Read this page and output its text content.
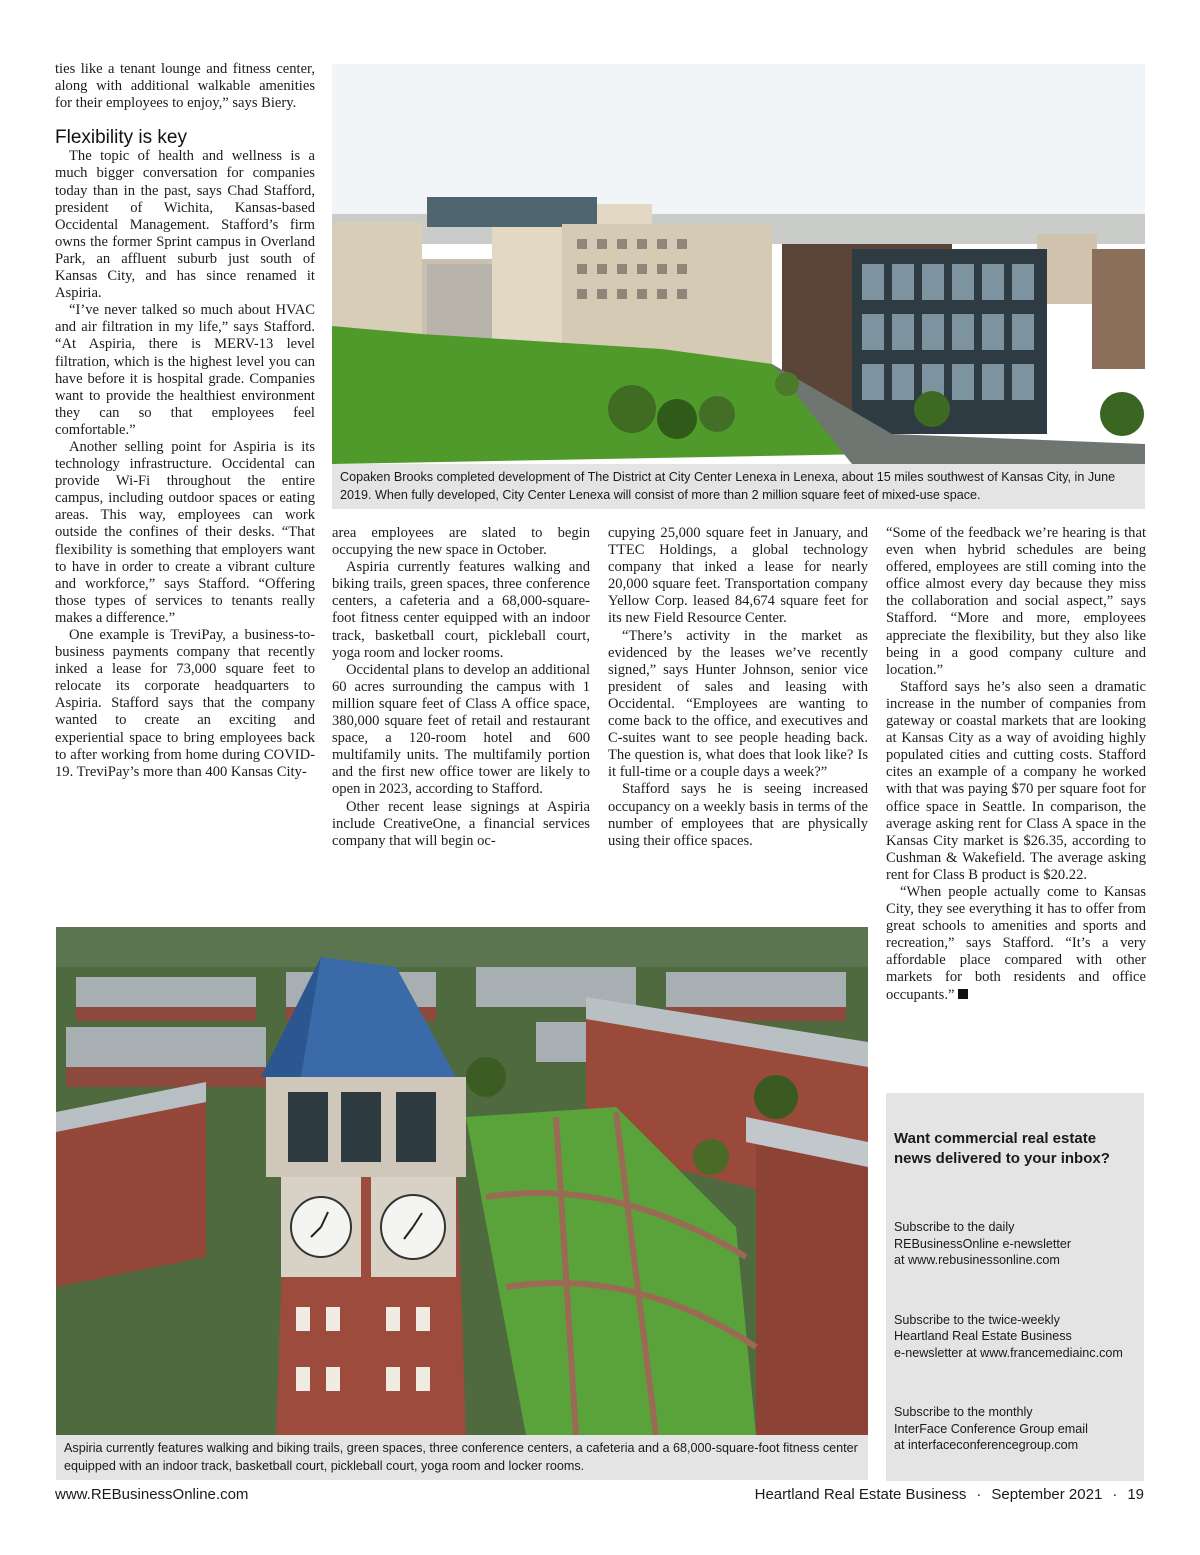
ties like a tenant lounge and fitness center, along with additional walkable amenities for their employees to enjoy,” says Biery.

Flexibility is key

The topic of health and wellness is a much bigger conversation for companies today than in the past, says Chad Stafford, president of Wichita, Kansas-based Occidental Management. Stafford’s firm owns the former Sprint campus in Overland Park, an affluent suburb just south of Kansas City, and has since renamed it Aspiria.

“I’ve never talked so much about HVAC and air filtration in my life,” says Stafford. “At Aspiria, there is MERV-13 level filtration, which is the highest level you can have before it is hospital grade. Companies want to provide the healthiest environment they can so that employees feel comfortable.”

Another selling point for Aspiria is its technology infrastructure. Occidental can provide Wi-Fi throughout the entire campus, including outdoor spaces or eating areas. This way, employees can work outside the confines of their desks. “That flexibility is something that employers want to have in order to create a vibrant culture and workforce,” says Stafford. “Offering those types of services to tenants really makes a difference.”

One example is TreviPay, a business-to-business payments company that recently inked a lease for 73,000 square feet to relocate its corporate headquarters to Aspiria. Stafford says that the company wanted to create an exciting and experiential space to bring employees back to after working from home during COVID-19. TreviPay’s more than 400 Kansas City-

Copaken Brooks completed development of The District at City Center Lenexa in Lenexa, about 15 miles southwest of Kansas City, in June 2019. When fully developed, City Center Lenexa will consist of more than 2 million square feet of mixed-use space.

area employees are slated to begin occupying the new space in October.

Aspiria currently features walking and biking trails, green spaces, three conference centers, a cafeteria and a 68,000-square-foot fitness center equipped with an indoor track, basketball court, pickleball court, yoga room and locker rooms.

Occidental plans to develop an additional 60 acres surrounding the campus with 1 million square feet of Class A office space, 380,000 square feet of retail and restaurant space, a 120-room hotel and 600 multifamily units. The multifamily portion and the first new office tower are likely to open in 2023, according to Stafford.

Other recent lease signings at Aspiria include CreativeOne, a financial services company that will begin oc-

cupying 25,000 square feet in January, and TTEC Holdings, a global technology company that inked a lease for nearly 20,000 square feet. Transportation company Yellow Corp. leased 84,674 square feet for its new Field Resource Center.

“There’s activity in the market as evidenced by the leases we’ve recently signed,” says Hunter Johnson, senior vice president of sales and leasing with Occidental. “Employees are wanting to come back to the office, and executives and C-suites want to see people heading back. The question is, what does that look like? Is it full-time or a couple days a week?”

Stafford says he is seeing increased occupancy on a weekly basis in terms of the number of employees that are physically using their office spaces.

“Some of the feedback we’re hearing is that even when hybrid schedules are being offered, employees are still coming into the office almost every day because they miss the collaboration and social aspect,” says Stafford. “More and more, employees appreciate the flexibility, but they also like being in a good company culture and location.”

Stafford says he’s also seen a dramatic increase in the number of companies from gateway or coastal markets that are looking at Kansas City as a way of avoiding highly populated cities and cutting costs. Stafford cites an example of a company he worked with that was paying $70 per square foot for office space in Seattle. In comparison, the average asking rent for Class A space in the Kansas City market is $26.35, according to Cushman & Wakefield. The average asking rent for Class B product is $20.22.

“When people actually come to Kansas City, they see everything it has to offer from great schools to amenities and sports and recreation,” says Stafford. “It’s a very affordable place compared with other markets for both residents and office occupants.”

Aspiria currently features walking and biking trails, green spaces, three conference centers, a cafeteria and a 68,000-square-foot fitness center equipped with an indoor track, basketball court, pickleball court, yoga room and locker rooms.
Want commercial real estate news delivered to your inbox?
Subscribe to the daily
REBusinessOnline e-newsletter
at www.rebusinessonline.com
Subscribe to the twice-weekly
Heartland Real Estate Business
e-newsletter at www.francemediainc.com
Subscribe to the monthly
InterFace Conference Group email
at interfaceconferencegroup.com
www.REBusinessOnline.com	Heartland Real Estate Business · September 2021 · 19
